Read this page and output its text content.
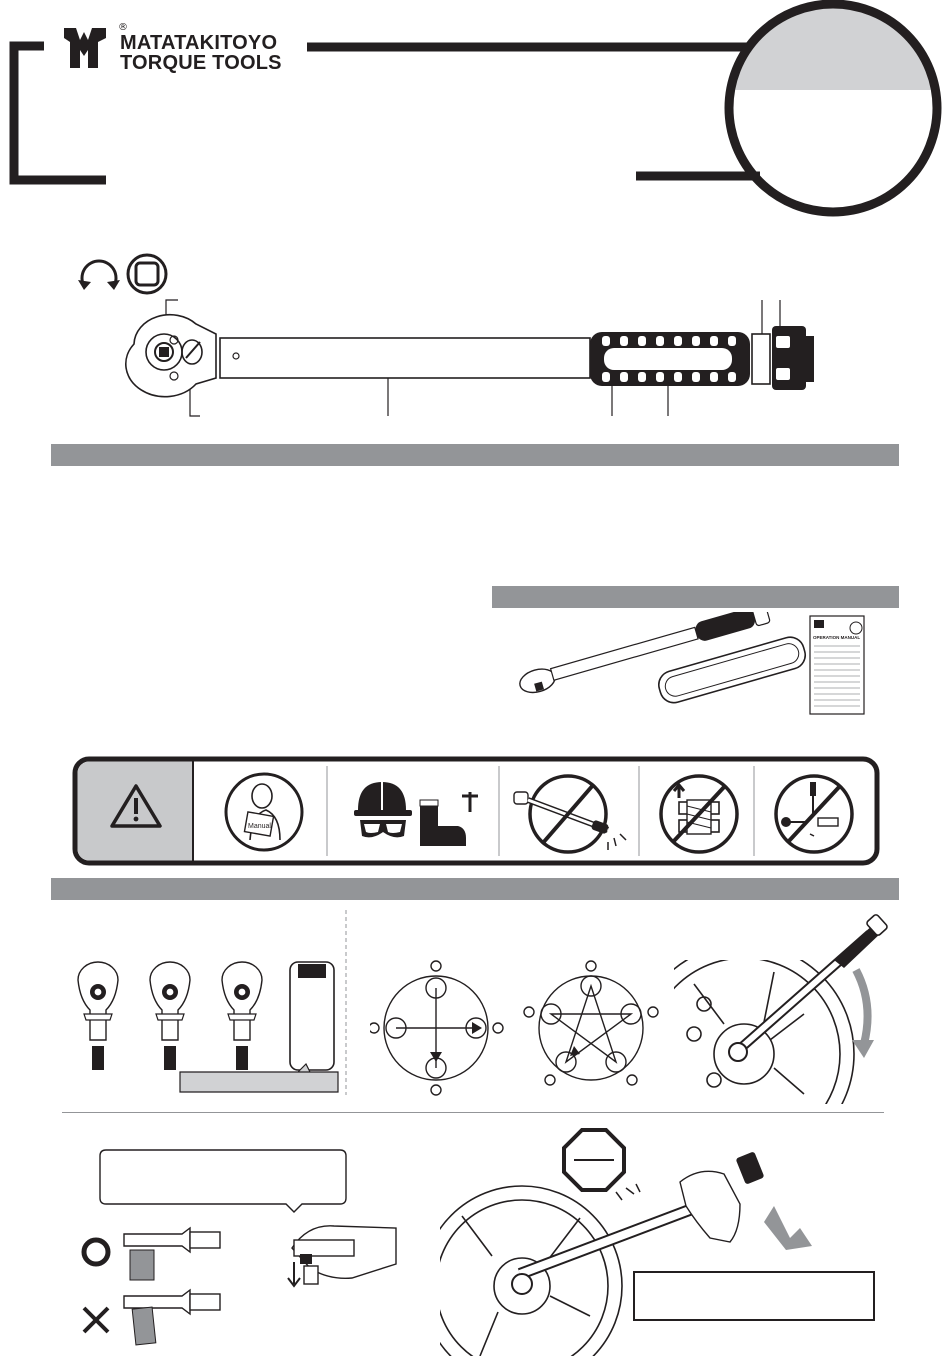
MATATAKITOYO
TORQUE TOOLS
®
OPERATION MANUAL
Manual
